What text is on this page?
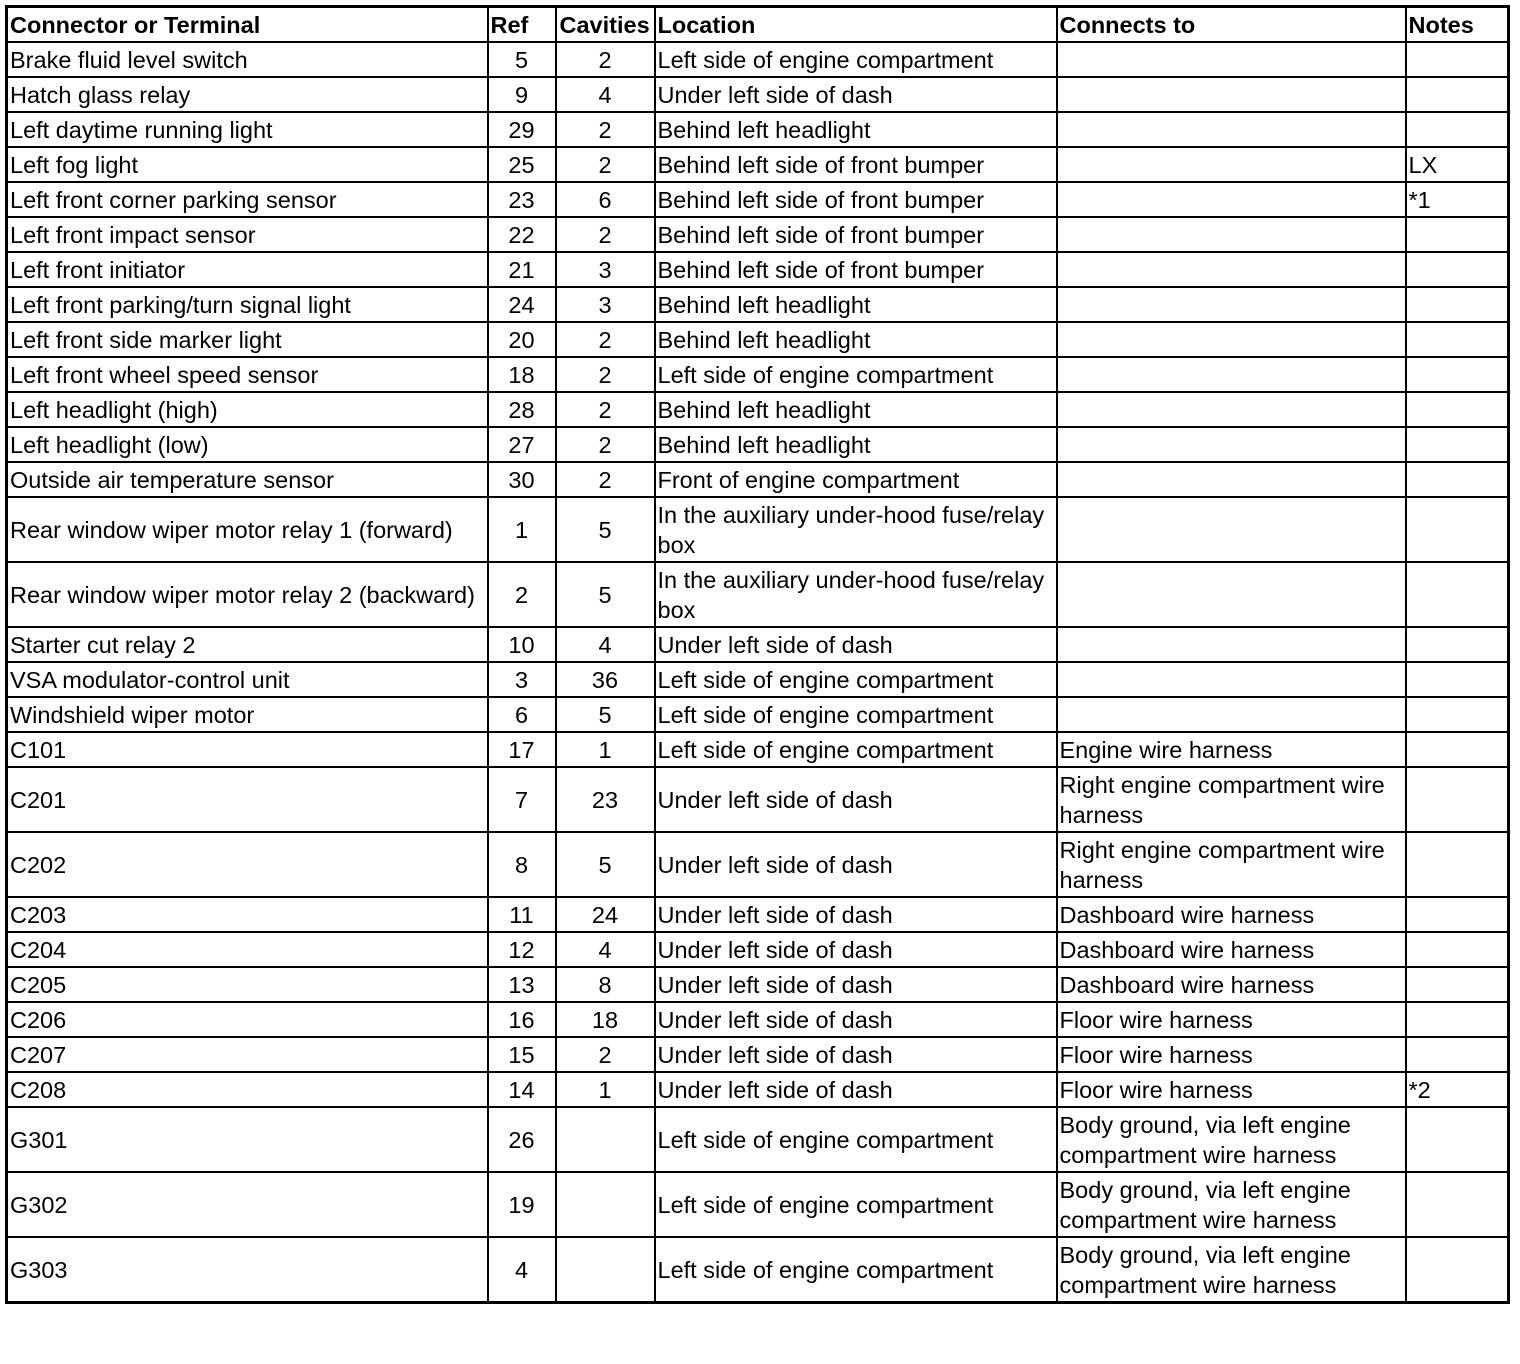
Connector or Terminal	Ref	Cavities	Location	Connects to	Notes
Brake fluid level switch	5	2	Left side of engine compartment		
Hatch glass relay	9	4	Under left side of dash		
Left daytime running light	29	2	Behind left headlight		
Left fog light	25	2	Behind left side of front bumper		LX
Left front corner parking sensor	23	6	Behind left side of front bumper		*1
Left front impact sensor	22	2	Behind left side of front bumper		
Left front initiator	21	3	Behind left side of front bumper		
Left front parking/turn signal light	24	3	Behind left headlight		
Left front side marker light	20	2	Behind left headlight		
Left front wheel speed sensor	18	2	Left side of engine compartment		
Left headlight (high)	28	2	Behind left headlight		
Left headlight (low)	27	2	Behind left headlight		
Outside air temperature sensor	30	2	Front of engine compartment		
Rear window wiper motor relay 1 (forward)	1	5	In the auxiliary under-hood fuse/relay box		
Rear window wiper motor relay 2 (backward)	2	5	In the auxiliary under-hood fuse/relay box		
Starter cut relay 2	10	4	Under left side of dash		
VSA modulator-control unit	3	36	Left side of engine compartment		
Windshield wiper motor	6	5	Left side of engine compartment		
C101	17	1	Left side of engine compartment	Engine wire harness	
C201	7	23	Under left side of dash	Right engine compartment wire harness	
C202	8	5	Under left side of dash	Right engine compartment wire harness	
C203	11	24	Under left side of dash	Dashboard wire harness	
C204	12	4	Under left side of dash	Dashboard wire harness	
C205	13	8	Under left side of dash	Dashboard wire harness	
C206	16	18	Under left side of dash	Floor wire harness	
C207	15	2	Under left side of dash	Floor wire harness	
C208	14	1	Under left side of dash	Floor wire harness	*2
G301	26		Left side of engine compartment	Body ground, via left engine compartment wire harness	
G302	19		Left side of engine compartment	Body ground, via left engine compartment wire harness	
G303	4		Left side of engine compartment	Body ground, via left engine compartment wire harness	
